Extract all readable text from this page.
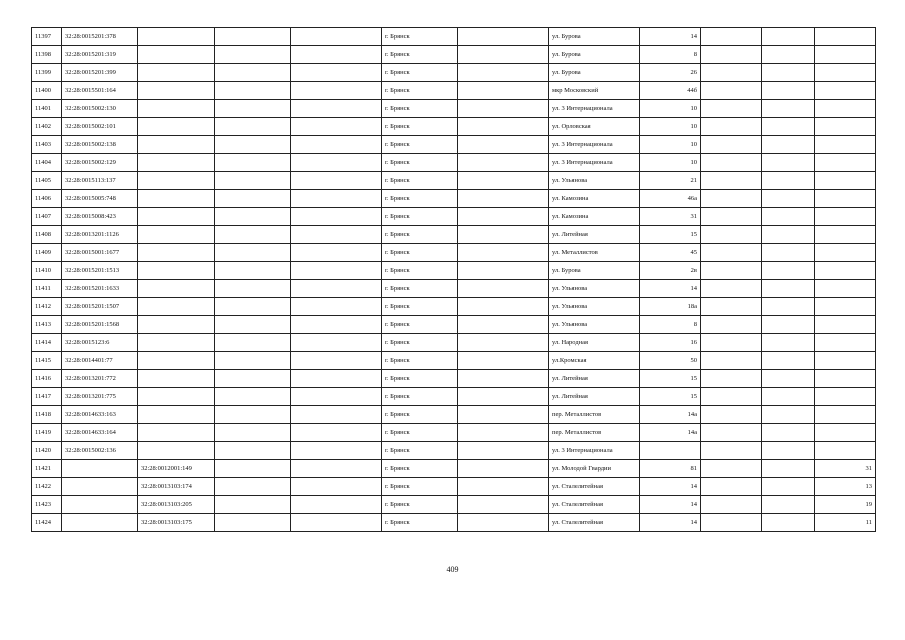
11397	32:28:0015201:378				г. Брянск		ул. Бурова	14			
11398	32:28:0015201:319				г. Брянск		ул. Бурова	8			
11399	32:28:0015201:399				г. Брянск		ул. Бурова	26			
11400	32:28:0015501:164				г. Брянск		мкр Московский	44б			
11401	32:28:0015002:130				г. Брянск		ул. 3 Интернационала	10			
11402	32:28:0015002:101				г. Брянск		ул. Орловская	10			
11403	32:28:0015002:138				г. Брянск		ул. 3 Интернационала	10			
11404	32:28:0015002:129				г. Брянск		ул. 3 Интернационала	10			
11405	32:28:0015113:137				г. Брянск		ул. Ульянова	21			
11406	32:28:0015005:748				г. Брянск		ул. Камозина	46а			
11407	32:28:0015008:423				г. Брянск		ул. Камозина	31			
11408	32:28:0013201:1126				г. Брянск		ул. Литейная	15			
11409	32:28:0015001:1677				г. Брянск		ул. Металлистов	45			
11410	32:28:0015201:1513				г. Брянск		ул. Бурова	2в			
11411	32:28:0015201:1633				г. Брянск		ул. Ульянова	14			
11412	32:28:0015201:1507				г. Брянск		ул. Ульянова	18а			
11413	32:28:0015201:1568				г. Брянск		ул. Ульянова	8			
11414	32:28:0015123:6				г. Брянск		ул. Народная	16			
11415	32:28:0014401:77				г. Брянск		ул.Кромская	50			
11416	32:28:0013201:772				г. Брянск		ул. Литейная	15			
11417	32:28:0013201:775				г. Брянск		ул. Литейная	15			
11418	32:28:0014633:163				г. Брянск		пер. Металлистов	14а			
11419	32:28:0014633:164				г. Брянск		пер. Металлистов	14а			
11420	32:28:0015002:136				г. Брянск		ул. 3 Интернационала				
11421		32:28:0012001:149			г. Брянск		ул. Молодой Гвардии	81			31
11422		32:28:0013103:174			г. Брянск		ул. Сталелитейная	14			13
11423		32:28:0013103:205			г. Брянск		ул. Сталелитейная	14			19
11424		32:28:0013103:175			г. Брянск		ул. Сталелитейная	14			11
409
